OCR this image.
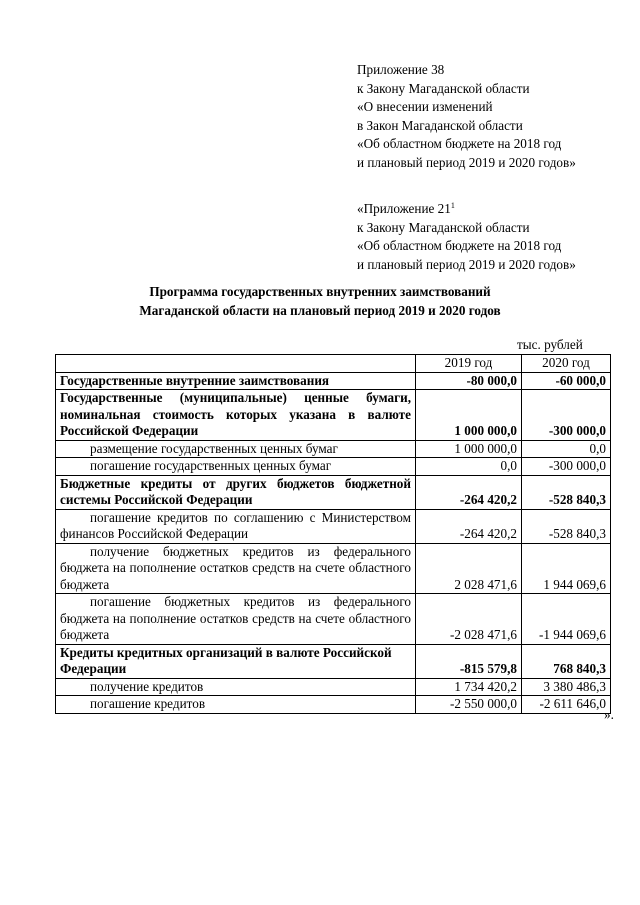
Приложение 38
к Закону Магаданской области
«О внесении изменений
в Закон Магаданской области
«Об областном бюджете на 2018 год
и плановый период 2019 и 2020 годов»
«Приложение $21^1$
к Закону Магаданской области
«Об областном бюджете на 2018 год
и плановый период 2019 и 2020 годов»
Программа государственных внутренних заимствований
Магаданской области на плановый период 2019 и 2020 годов
тыс. рублей
	2019 год	2020 год
Государственные внутренние заимствования	-80 000,0	-60 000,0
Государственные (муниципальные) ценные бумаги, номинальная стоимость которых указана в валюте Российской Федерации	1 000 000,0	-300 000,0
размещение государственных ценных бумаг	1 000 000,0	0,0
погашение государственных ценных бумаг	0,0	-300 000,0
Бюджетные кредиты от других бюджетов бюджетной системы Российской Федерации	-264 420,2	-528 840,3
погашение кредитов по соглашению с Министерством финансов Российской Федерации	-264 420,2	-528 840,3
получение бюджетных кредитов из федерального бюджета на пополнение остатков средств на счете областного бюджета	2 028 471,6	1 944 069,6
погашение бюджетных кредитов из федерального бюджета на пополнение остатков средств на счете областного бюджета	-2 028 471,6	-1 944 069,6
Кредиты кредитных организаций в валюте Российской Федерации	-815 579,8	768 840,3
получение кредитов	1 734 420,2	3 380 486,3
погашение кредитов	-2 550 000,0	-2 611 646,0
».
